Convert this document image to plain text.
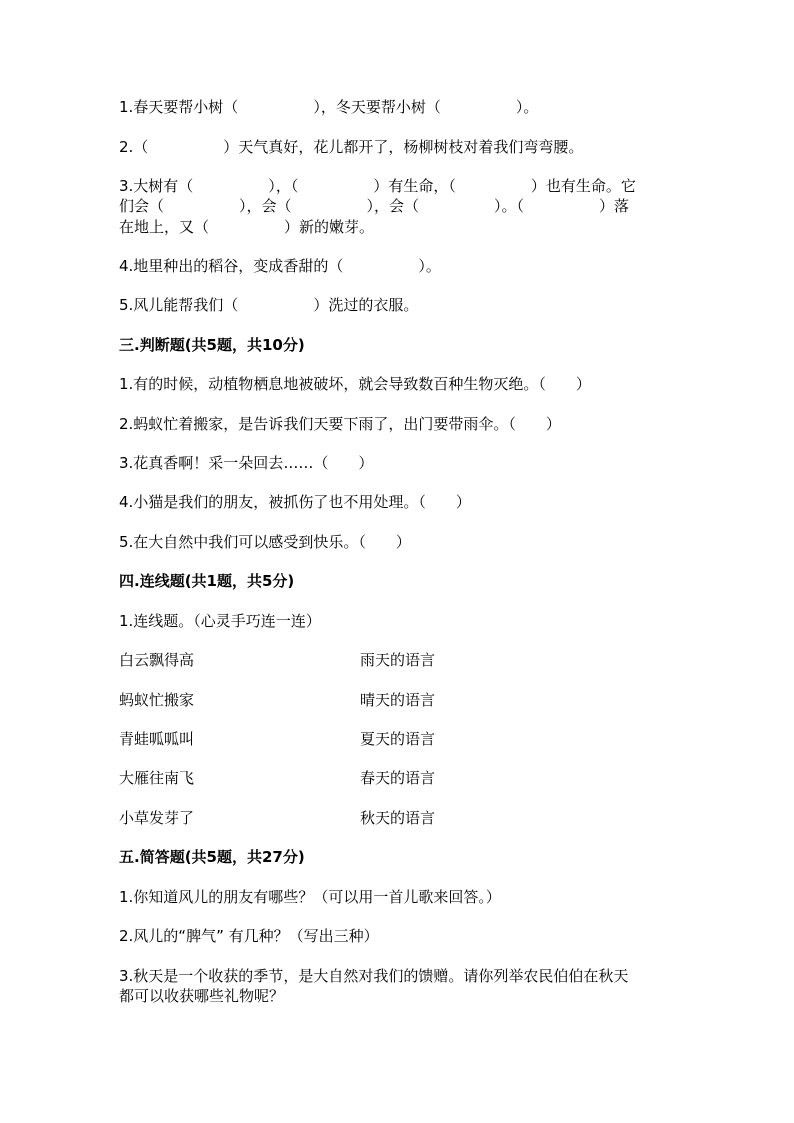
1.春天要帮小树（　　　　　），冬天要帮小树（　　　　　）。
2.（　　　　　）天气真好，花儿都开了，杨柳树枝对着我们弯弯腰。
3.大树有（　　　　　），（　　　　　）有生命，（　　　　　）也有生命。它
们会（　　　　　），会（　　　　　），会（　　　　　）。（　　　　　）落
在地上，又（　　　　　）新的嫩芽。
4.地里种出的稻谷，变成香甜的（　　　　　）。
5.风儿能帮我们（　　　　　）洗过的衣服。
三.判断题(共5题，共10分)
1.有的时候，动植物栖息地被破坏，就会导致数百种生物灭绝。（　　）
2.蚂蚁忙着搬家，是告诉我们天要下雨了，出门要带雨伞。（　　）
3.花真香啊！采一朵回去……（　　）
4.小猫是我们的朋友，被抓伤了也不用处理。（　　）
5.在大自然中我们可以感受到快乐。（　　）
四.连线题(共1题，共5分)
1.连线题。（心灵手巧连一连）
白云飘得高	雨天的语言
蚂蚁忙搬家	晴天的语言
青蛙呱呱叫	夏天的语言
大雁往南飞	春天的语言
小草发芽了	秋天的语言
五.简答题(共5题，共27分)
1.你知道风儿的朋友有哪些？（可以用一首儿歌来回答。）
2.风儿的“脾气” 有几种？（写出三种）
3.秋天是一个收获的季节，是大自然对我们的馈赠。请你列举农民伯伯在秋天
都可以收获哪些礼物呢？
